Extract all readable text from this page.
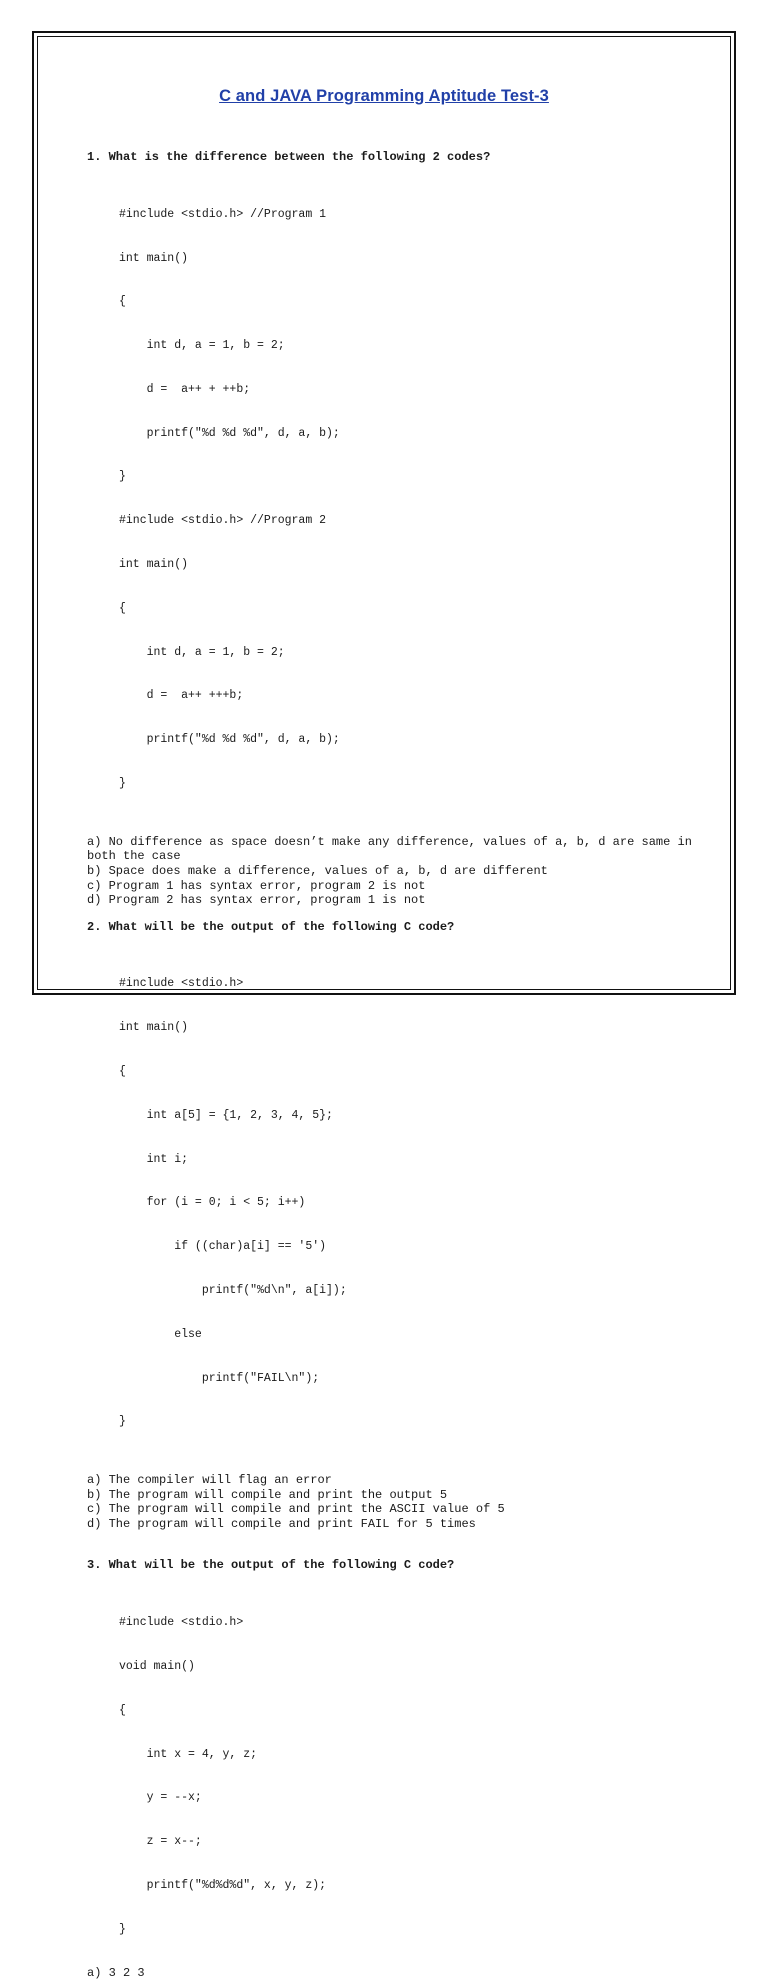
C and JAVA Programming Aptitude Test-3
1. What is the difference between the following 2 codes?

#include <stdio.h> //Program 1

int main()

{

int d, a = 1, b = 2;

d =  a++ + ++b;

printf("%d %d %d", d, a, b);

}

#include <stdio.h> //Program 2

int main()

{

int d, a = 1, b = 2;

d =  a++ +++b;

printf("%d %d %d", d, a, b);

}

a) No difference as space doesn’t make any difference, values of a, b, d are same in both the case
b) Space does make a difference, values of a, b, d are different
c) Program 1 has syntax error, program 2 is not
d) Program 2 has syntax error, program 1 is not
2. What will be the output of the following C code?

#include <stdio.h>

int main()

{

int a[5] = {1, 2, 3, 4, 5};

int i;

for (i = 0; i < 5; i++)

if ((char)a[i] == '5')

printf("%d\n", a[i]);

else

printf("FAIL\n");

}

a) The compiler will flag an error
b) The program will compile and print the output 5
c) The program will compile and print the ASCII value of 5
d) The program will compile and print FAIL for 5 times
3. What will be the output of the following C code?

#include <stdio.h>

void main()

{

int x = 4, y, z;

y = --x;

z = x--;

printf("%d%d%d", x, y, z);

}

a) 3 2 3
